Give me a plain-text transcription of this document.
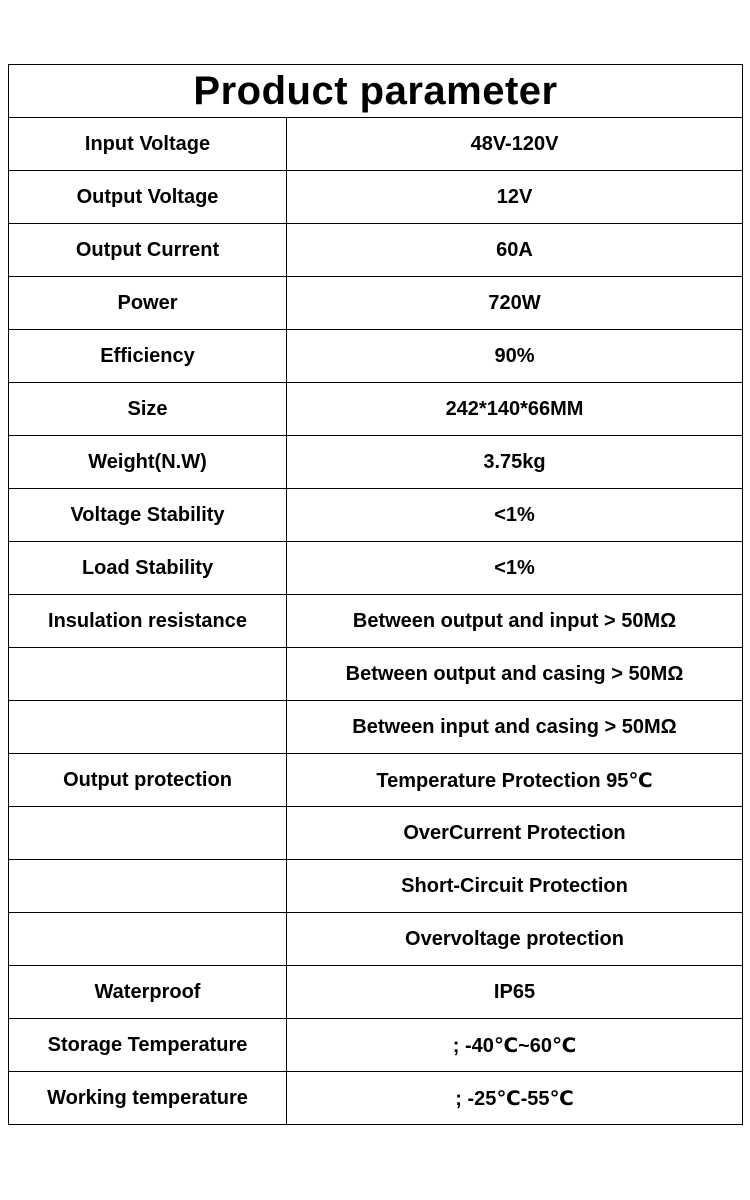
Product parameter	
Input Voltage	48V-120V
Output Voltage	12V
Output Current	60A
Power	720W
Efficiency	90%
Size	242*140*66MM
Weight(N.W)	3.75kg
Voltage Stability	<1%
Load Stability	<1%
Insulation resistance	Between output and input > 50MΩ
	Between output and casing > 50MΩ
	Between input and casing > 50MΩ
Output protection	Temperature Protection 95℃
	OverCurrent Protection
	Short-Circuit Protection
	Overvoltage protection
Waterproof	IP65
Storage Temperature	; -40℃~60℃
Working temperature	; -25℃-55℃
